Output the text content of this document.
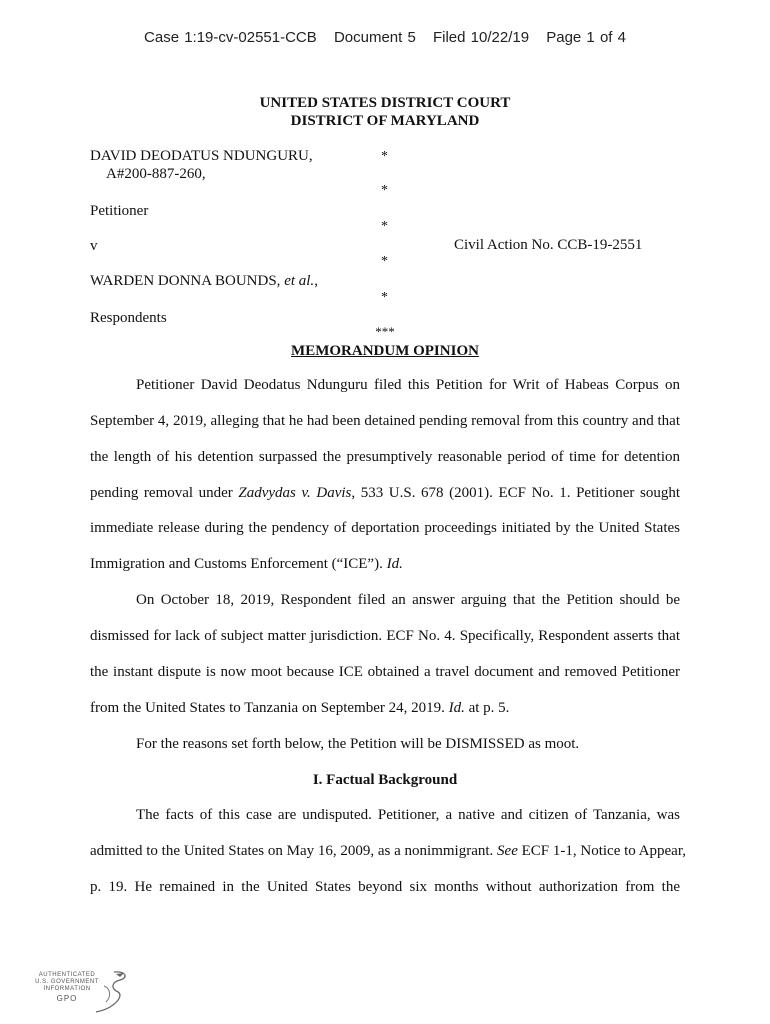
Case 1:19-cv-02551-CCB Document 5 Filed 10/22/19 Page 1 of 4
UNITED STATES DISTRICT COURT
DISTRICT OF MARYLAND
DAVID DEODATUS NDUNGURU,
A#200-887-260,
Petitioner
v
WARDEN DONNA BOUNDS, et al.,
Respondents
*
*
*
*
*
Civil Action No. CCB-19-2551
***
MEMORANDUM OPINION
Petitioner David Deodatus Ndunguru filed this Petition for Writ of Habeas Corpus on
September 4, 2019, alleging that he had been detained pending removal from this country and that
the length of his detention surpassed the presumptively reasonable period of time for detention
pending removal under Zadvydas v. Davis, 533 U.S. 678 (2001). ECF No. 1. Petitioner sought
immediate release during the pendency of deportation proceedings initiated by the United States
Immigration and Customs Enforcement (“ICE”). Id.
On October 18, 2019, Respondent filed an answer arguing that the Petition should be
dismissed for lack of subject matter jurisdiction. ECF No. 4. Specifically, Respondent asserts that
the instant dispute is now moot because ICE obtained a travel document and removed Petitioner
from the United States to Tanzania on September 24, 2019. Id. at p. 5.
For the reasons set forth below, the Petition will be DISMISSED as moot.
I. Factual Background
The facts of this case are undisputed. Petitioner, a native and citizen of Tanzania, was
admitted to the United States on May 16, 2009, as a nonimmigrant. See ECF 1-1, Notice to Appear,
p. 19. He remained in the United States beyond six months without authorization from the
AUTHENTICATED
U.S. GOVERNMENT
INFORMATION
GPO
